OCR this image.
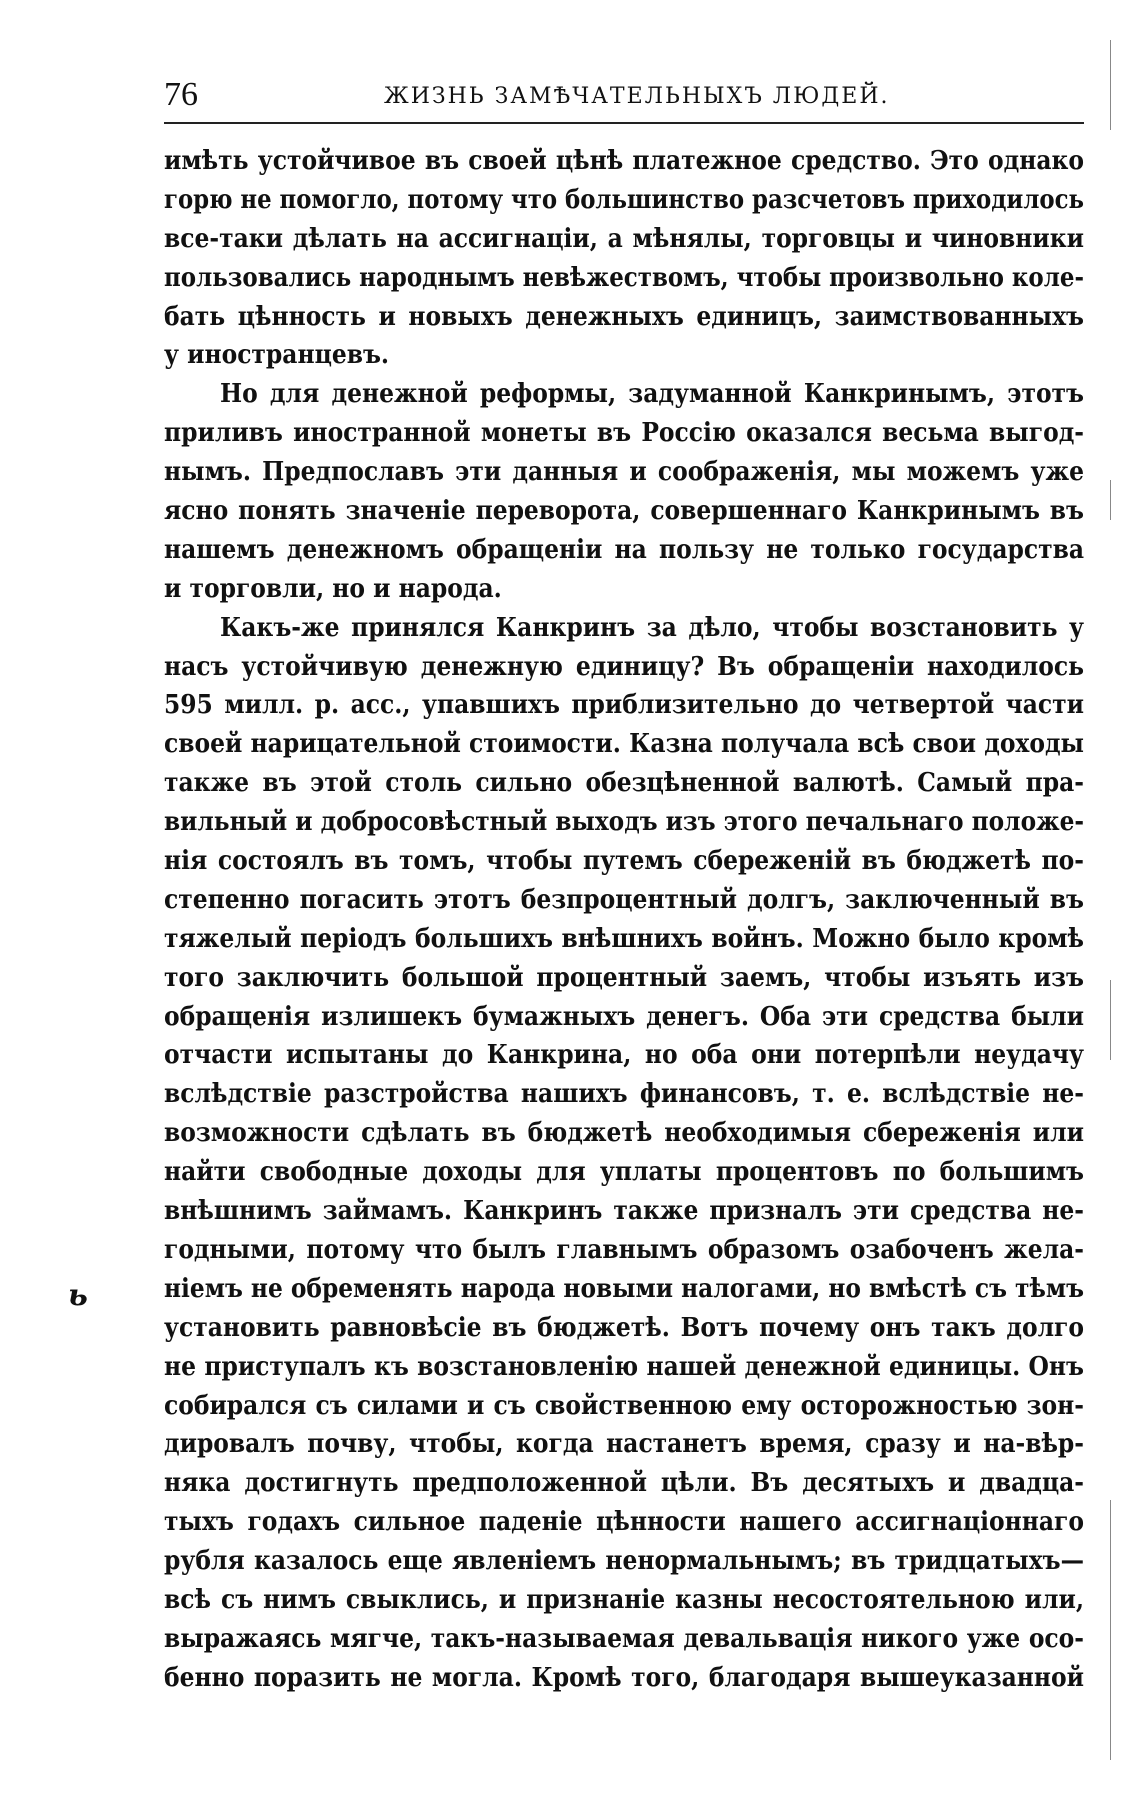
76	ЖИЗНЬ ЗАМѢЧАТЕЛЬНЫХЪ ЛЮДЕЙ.
имѣть устойчивое въ своей цѣнѣ платежное средство. Это однако
горю не помогло, потому что большинство разсчетовъ приходилось
все-таки дѣлать на ассигнаціи, а мѣнялы, торговцы и чиновники
пользовались народнымъ невѣжествомъ, чтобы произвольно коле-
бать цѣнность и новыхъ денежныхъ единицъ, заимствованныхъ
у иностранцевъ.
Но для денежной реформы, задуманной Канкринымъ, этотъ
приливъ иностранной монеты въ Россію оказался весьма выгод-
нымъ. Предпославъ эти данныя и соображенія, мы можемъ уже
ясно понять значеніе переворота, совершеннаго Канкринымъ въ
нашемъ денежномъ обращеніи на пользу не только государства
и торговли, но и народа.
Какъ-же принялся Канкринъ за дѣло, чтобы возстановить у
насъ устойчивую денежную единицу? Въ обращеніи находилось
595 милл. р. асс., упавшихъ приблизительно до четвертой части
своей нарицательной стоимости. Казна получала всѣ свои доходы
также въ этой столь сильно обезцѣненной валютѣ. Самый пра-
вильный и добросовѣстный выходъ изъ этого печальнаго положе-
нія состоялъ въ томъ, чтобы путемъ сбереженій въ бюджетѣ по-
степенно погасить этотъ безпроцентный долгъ, заключенный въ
тяжелый періодъ большихъ внѣшнихъ войнъ. Можно было кромѣ
того заключить большой процентный заемъ, чтобы изъять изъ
обращенія излишекъ бумажныхъ денегъ. Оба эти средства были
отчасти испытаны до Канкрина, но оба они потерпѣли неудачу
вслѣдствіе разстройства нашихъ финансовъ, т. е. вслѣдствіе не-
возможности сдѣлать въ бюджетѣ необходимыя сбереженія или
найти свободные доходы для уплаты процентовъ по большимъ
внѣшнимъ займамъ. Канкринъ также призналъ эти средства не-
годными, потому что былъ главнымъ образомъ озабоченъ жела-
ніемъ не обременять народа новыми налогами, но вмѣстѣ съ тѣмъ
установить равновѣсіе въ бюджетѣ. Вотъ почему онъ такъ долго
не приступалъ къ возстановленію нашей денежной единицы. Онъ
собирался съ силами и съ свойственною ему осторожностью зон-
дировалъ почву, чтобы, когда настанетъ время, сразу и на-вѣр-
няка достигнуть предположенной цѣли. Въ десятыхъ и двадца-
тыхъ годахъ сильное паденіе цѣнности нашего ассигнаціоннаго
рубля казалось еще явленіемъ ненормальнымъ; въ тридцатыхъ—
всѣ съ нимъ свыклись, и признаніе казны несостоятельною или,
выражаясь мягче, такъ-называемая девальвація никого уже осо-
бенно поразить не могла. Кромѣ того, благодаря вышеуказанной
ь
